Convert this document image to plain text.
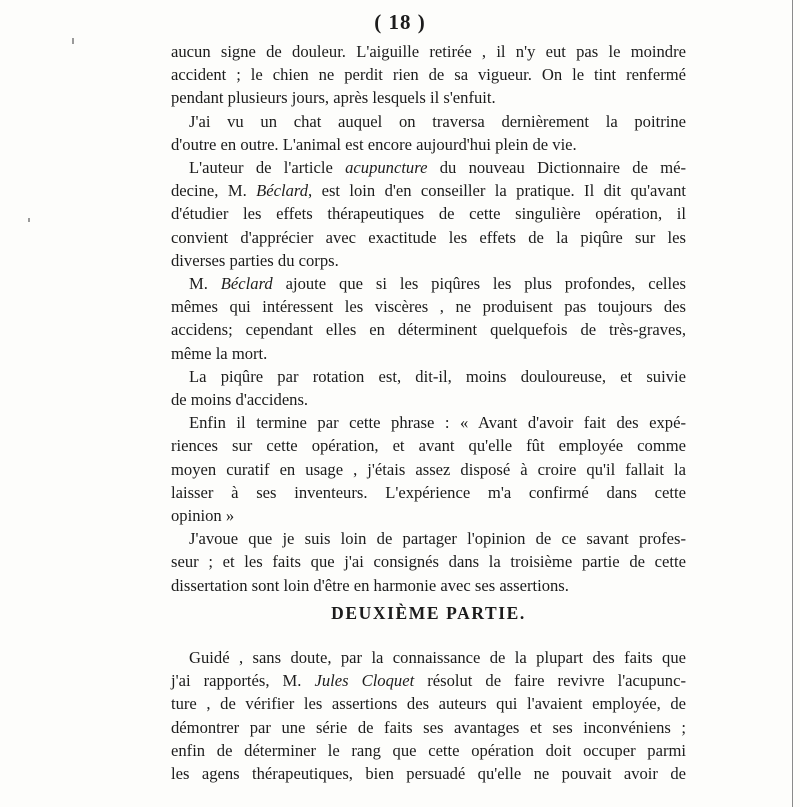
( 18 )
aucun signe de douleur. L'aiguille retirée , il n'y eut pas le moindre
accident ; le chien ne perdit rien de sa vigueur. On le tint renfermé
pendant plusieurs jours, après lesquels il s'enfuit.
J'ai vu un chat auquel on traversa dernièrement la poitrine
d'outre en outre. L'animal est encore aujourd'hui plein de vie.
L'auteur de l'article acupuncture du nouveau Dictionnaire de mé-
decine, M. Béclard, est loin d'en conseiller la pratique. Il dit qu'avant
d'étudier les effets thérapeutiques de cette singulière opération, il
convient d'apprécier avec exactitude les effets de la piqûre sur les
diverses parties du corps.
M. Béclard ajoute que si les piqûres les plus profondes, celles
mêmes qui intéressent les viscères , ne produisent pas toujours des
accidens; cependant elles en déterminent quelquefois de très-graves,
même la mort.
La piqûre par rotation est, dit-il, moins douloureuse, et suivie
de moins d'accidens.
Enfin il termine par cette phrase : « Avant d'avoir fait des expé-
riences sur cette opération, et avant qu'elle fût employée comme
moyen curatif en usage , j'étais assez disposé à croire qu'il fallait la
laisser à ses inventeurs. L'expérience m'a confirmé dans cette
opinion »
J'avoue que je suis loin de partager l'opinion de ce savant profes-
seur ; et les faits que j'ai consignés dans la troisième partie de cette
dissertation sont loin d'être en harmonie avec ses assertions.
DEUXIÈME PARTIE.
Guidé , sans doute, par la connaissance de la plupart des faits que
j'ai rapportés, M. Jules Cloquet résolut de faire revivre l'acupunc-
ture , de vérifier les assertions des auteurs qui l'avaient employée, de
démontrer par une série de faits ses avantages et ses inconvéniens ;
enfin de déterminer le rang que cette opération doit occuper parmi
les agens thérapeutiques, bien persuadé qu'elle ne pouvait avoir de
